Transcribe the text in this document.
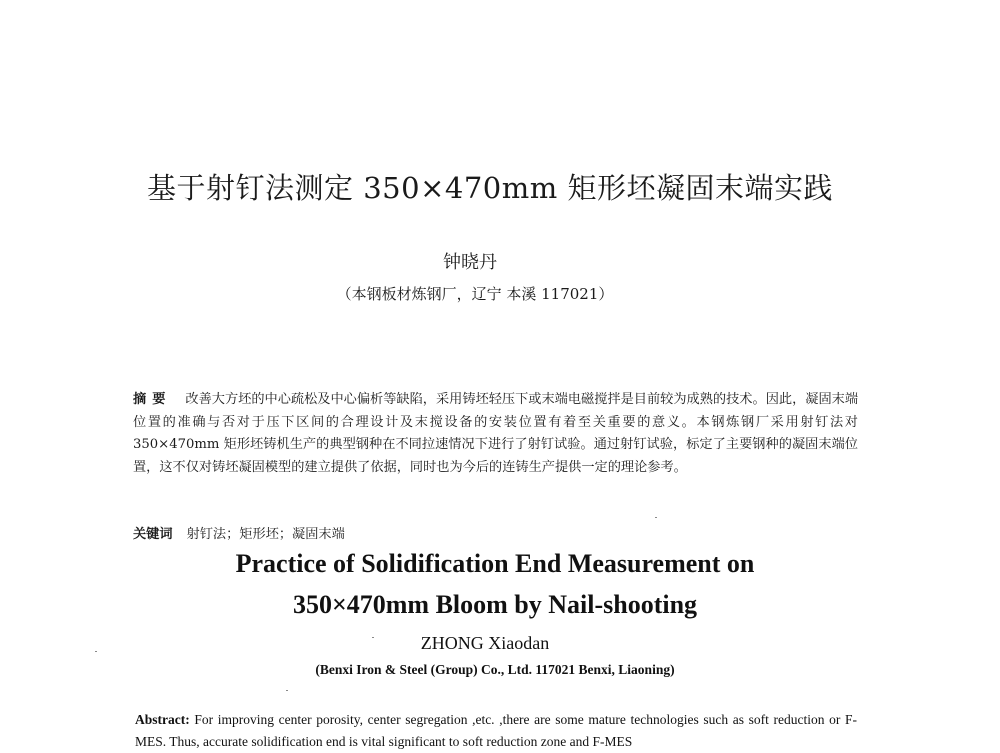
基于射钉法测定 350×470mm 矩形坯凝固末端实践
钟晓丹
（本钢板材炼钢厂，辽宁 本溪 117021）
摘要 改善大方坯的中心疏松及中心偏析等缺陷，采用铸坯轻压下或末端电磁搅拌是目前较为成熟的技术。因此，凝固末端位置的准确与否对于压下区间的合理设计及末搅设备的安装位置有着至关重要的意义。本钢炼钢厂采用射钉法对 350×470mm 矩形坯铸机生产的典型钢种在不同拉速情况下进行了射钉试验。通过射钉试验，标定了主要钢种的凝固末端位置，这不仅对铸坯凝固模型的建立提供了依据，同时也为今后的连铸生产提供一定的理论参考。
关键词 射钉法；矩形坯；凝固末端
Practice of Solidification End Measurement on
350×470mm Bloom by Nail-shooting
ZHONG Xiaodan
(Benxi Iron & Steel (Group) Co., Ltd. 117021 Benxi, Liaoning)
Abstract: For improving center porosity, center segregation ,etc. ,there are some mature technologies such as soft reduction or F-MES. Thus, accurate solidification end is vital significant to soft reduction zone and F-MES
